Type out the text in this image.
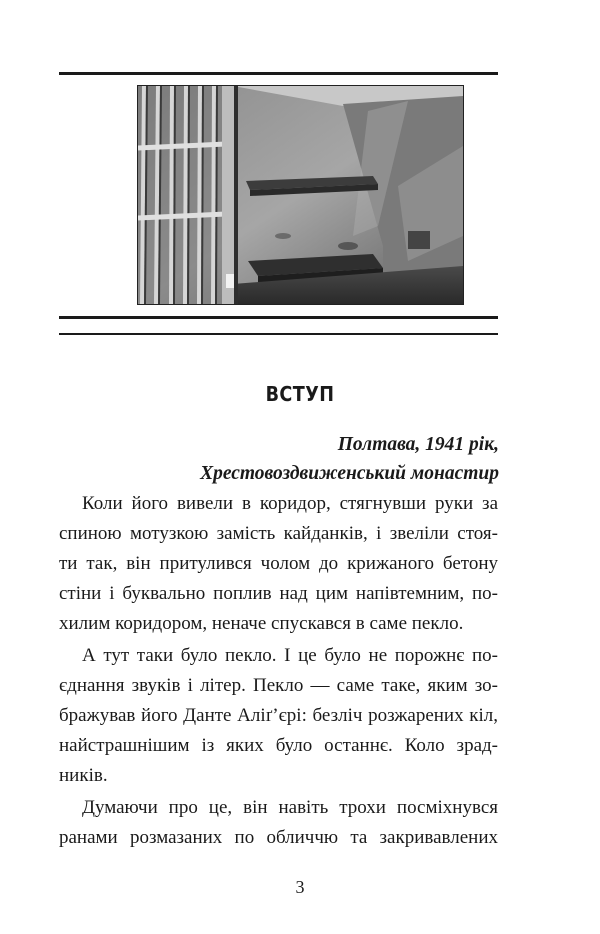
ВСТУП
Полтава, 1941 рік,
Хрестовоздвиженський монастир
Коли його вивели в коридор, стягнувши руки за
спиною мотузкою замість кайданків, і звеліли стоя-
ти так, він притулився чолом до крижаного бетону
стіни і буквально поплив над цим напівтемним, по-
хилим коридором, неначе спускався в саме пекло.
А тут таки було пекло. І це було не порожнє по-
єднання звуків і літер. Пекло — саме таке, яким зо-
бражував його Данте Аліґ’єрі: безліч розжарених кіл,
найстрашнішим із яких було останнє. Коло зрад-
ників.
Думаючи про це, він навіть трохи посміхнувся
ранами розмазаних по обличчю та закривавлених
3
